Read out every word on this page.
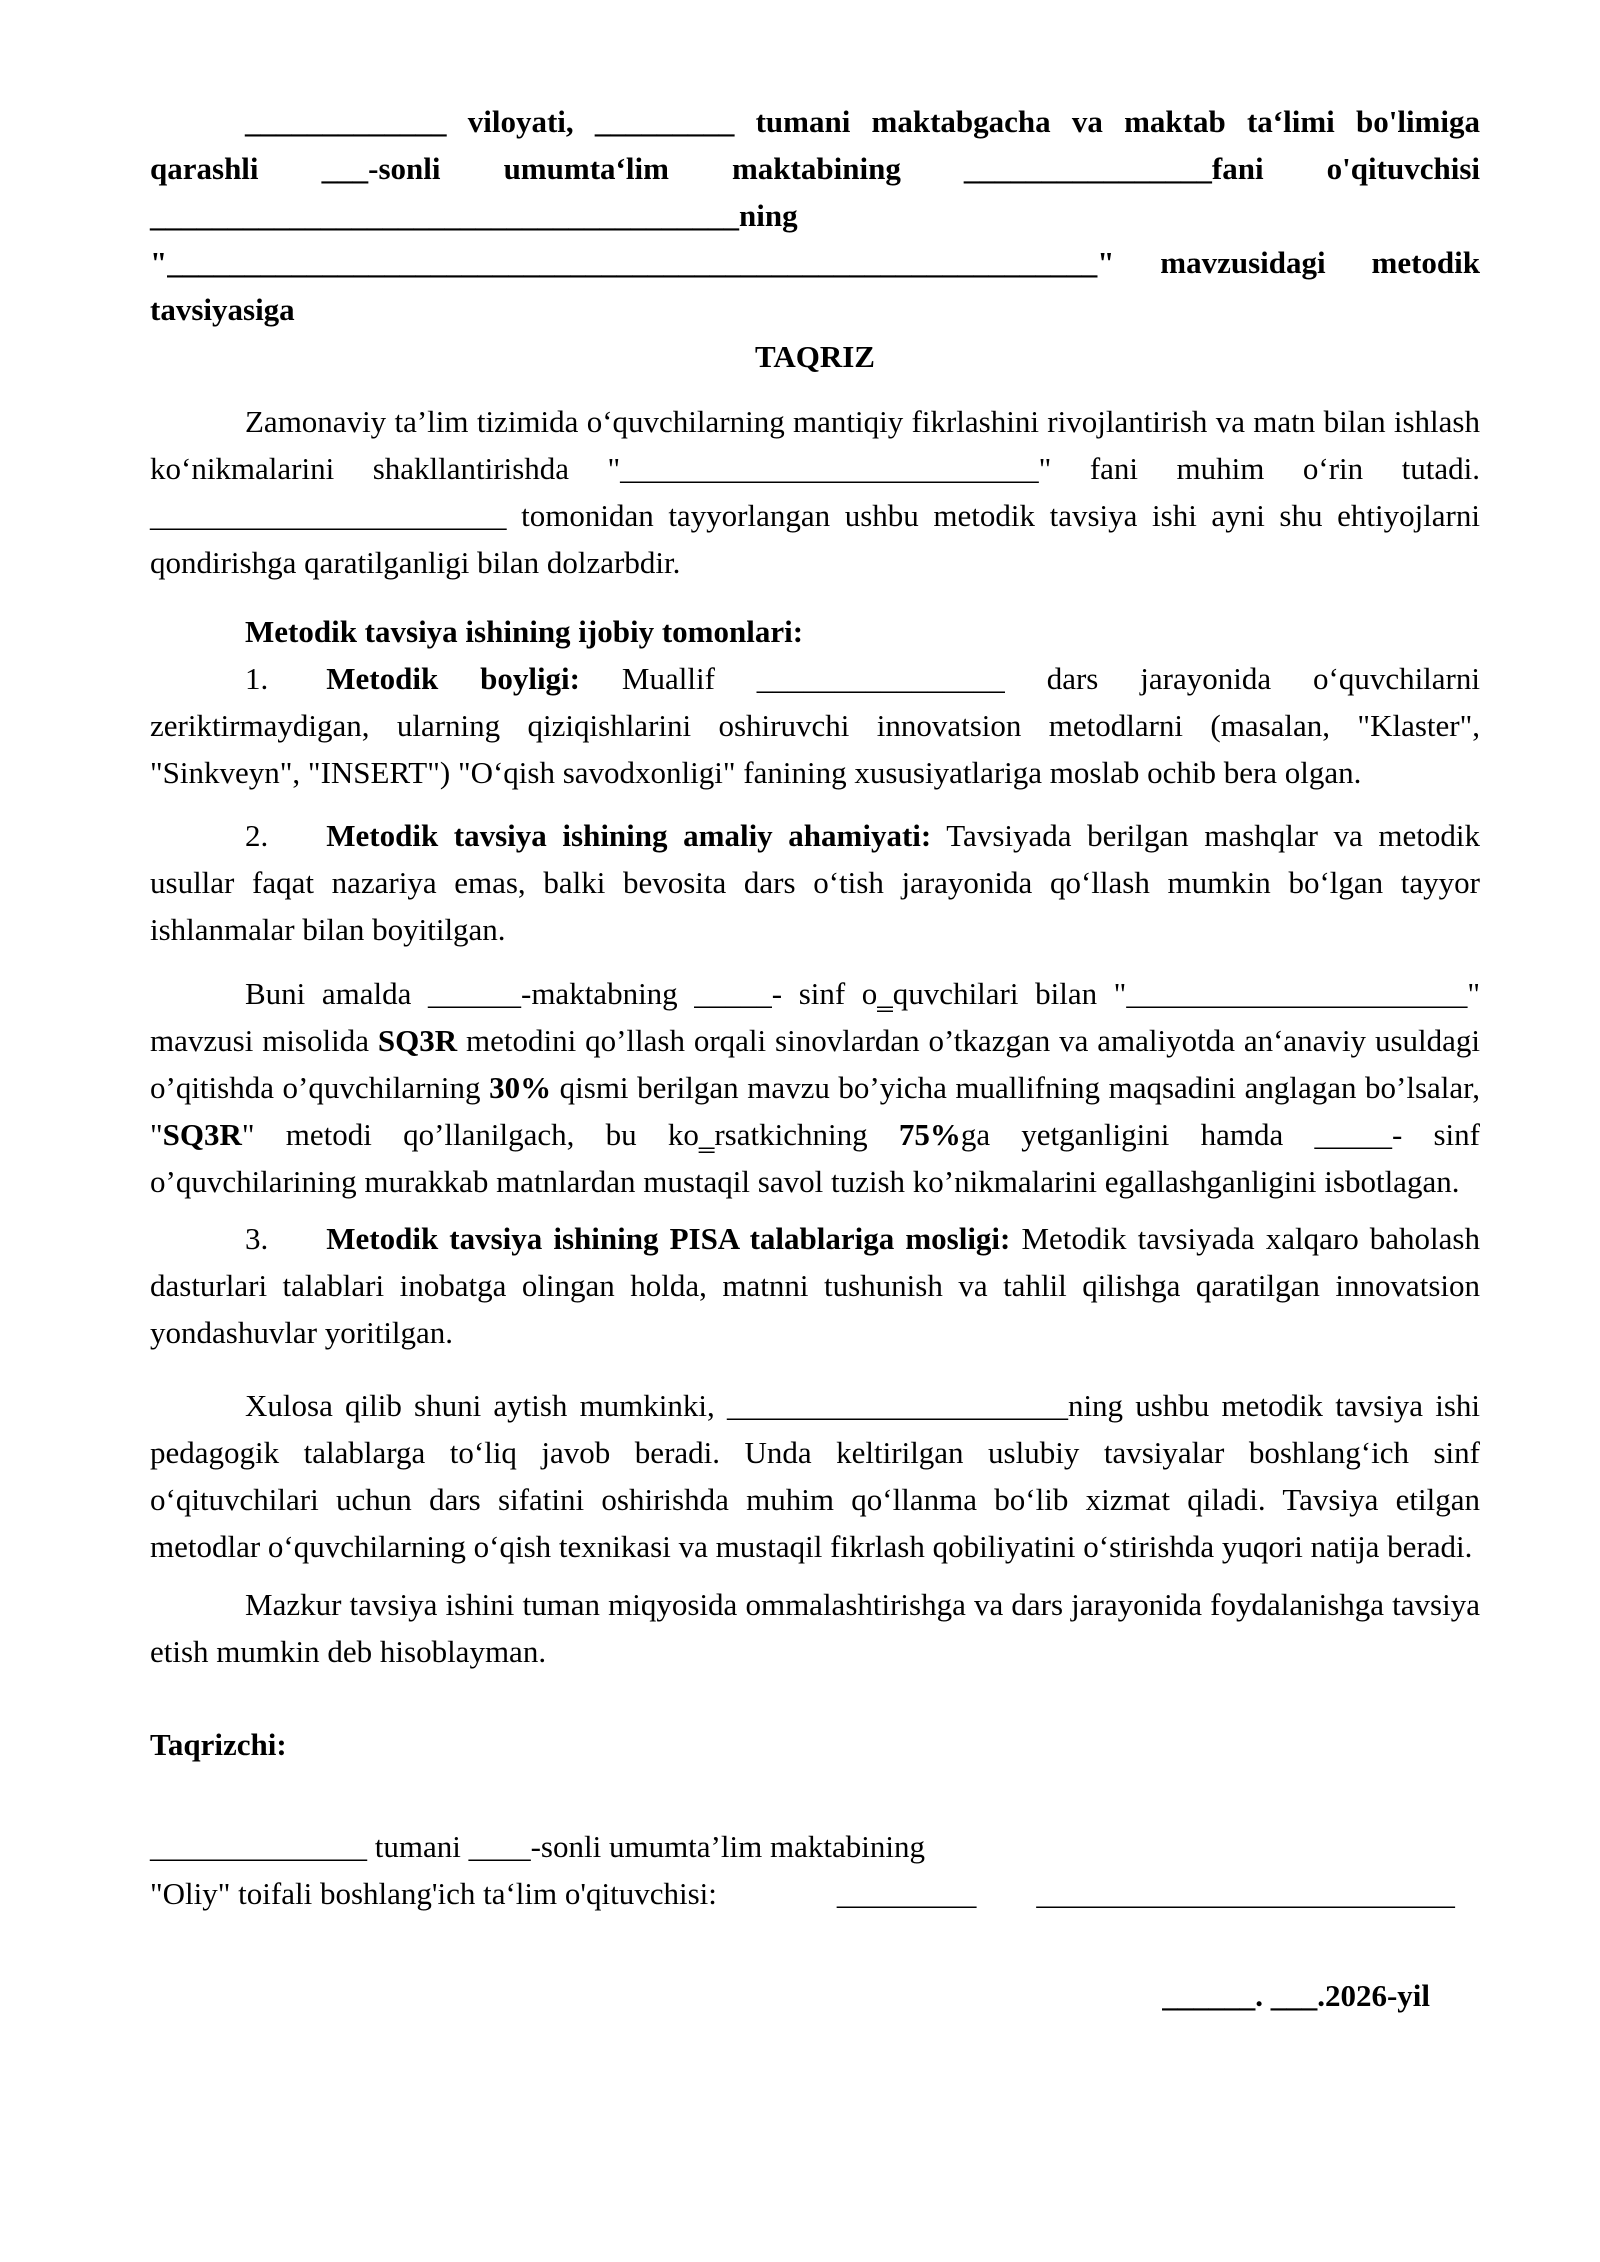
_____________ viloyati, _________ tumani maktabgacha va maktab ta‘limi bo'limiga qarashli ___-sonli umumta‘lim maktabining ________________fani o'qituvchisi

______________________________________ning

"____________________________________________________________" mavzusidagi metodik tavsiyasiga

TAQRIZ

Zamonaviy ta’lim tizimida o‘quvchilarning mantiqiy fikrlashini rivojlantirish va matn bilan ishlash ko‘nikmalarini shakllantirishda "___________________________" fani muhim o‘rin tutadi. _______________________ tomonidan tayyorlangan ushbu metodik tavsiya ishi ayni shu ehtiyojlarni qondirishga qaratilganligi bilan dolzarbdir.

Metodik tavsiya ishining ijobiy tomonlari:

1. Metodik boyligi: Muallif ________________ dars jarayonida o‘quvchilarni zeriktirmaydigan, ularning qiziqishlarini oshiruvchi innovatsion metodlarni (masalan, "Klaster", "Sinkveyn", "INSERT") "O‘qish savodxonligi" fanining xususiyatlariga moslab ochib bera olgan.

2. Metodik tavsiya ishining amaliy ahamiyati: Tavsiyada berilgan mashqlar va metodik usullar faqat nazariya emas, balki bevosita dars o‘tish jarayonida qo‘llash mumkin bo‘lgan tayyor ishlanmalar bilan boyitilgan.

Buni amalda ______-maktabning _____- sinf o‗quvchilari bilan "______________________" mavzusi misolida SQ3R metodini qo’llash orqali sinovlardan o’tkazgan va amaliyotda an‘anaviy usuldagi o’qitishda o’quvchilarning 30% qismi berilgan mavzu bo’yicha muallifning maqsadini anglagan bo’lsalar, "SQ3R" metodi qo’llanilgach, bu ko‗rsatkichning 75%ga yetganligini hamda _____- sinf o’quvchilarining murakkab matnlardan mustaqil savol tuzish ko’nikmalarini egallashganligini isbotlagan.

3. Metodik tavsiya ishining PISA talablariga mosligi: Metodik tavsiyada xalqaro baholash dasturlari talablari inobatga olingan holda, matnni tushunish va tahlil qilishga qaratilgan innovatsion yondashuvlar yoritilgan.

Xulosa qilib shuni aytish mumkinki, ______________________ning ushbu metodik tavsiya ishi pedagogik talablarga to‘liq javob beradi. Unda keltirilgan uslubiy tavsiyalar boshlang‘ich sinf o‘qituvchilari uchun dars sifatini oshirishda muhim qo‘llanma bo‘lib xizmat qiladi. Tavsiya etilgan metodlar o‘quvchilarning o‘qish texnikasi va mustaqil fikrlash qobiliyatini o‘stirishda yuqori natija beradi.

Mazkur tavsiya ishini tuman miqyosida ommalashtirishga va dars jarayonida foydalanishga tavsiya etish mumkin deb hisoblayman.

Taqrizchi:

______________ tumani ____-sonli umumta’lim maktabining

"Oliy" toifali boshlang'ich ta‘lim o'qituvchisi:	_________ ___________________________

______. ___.2026-yil
